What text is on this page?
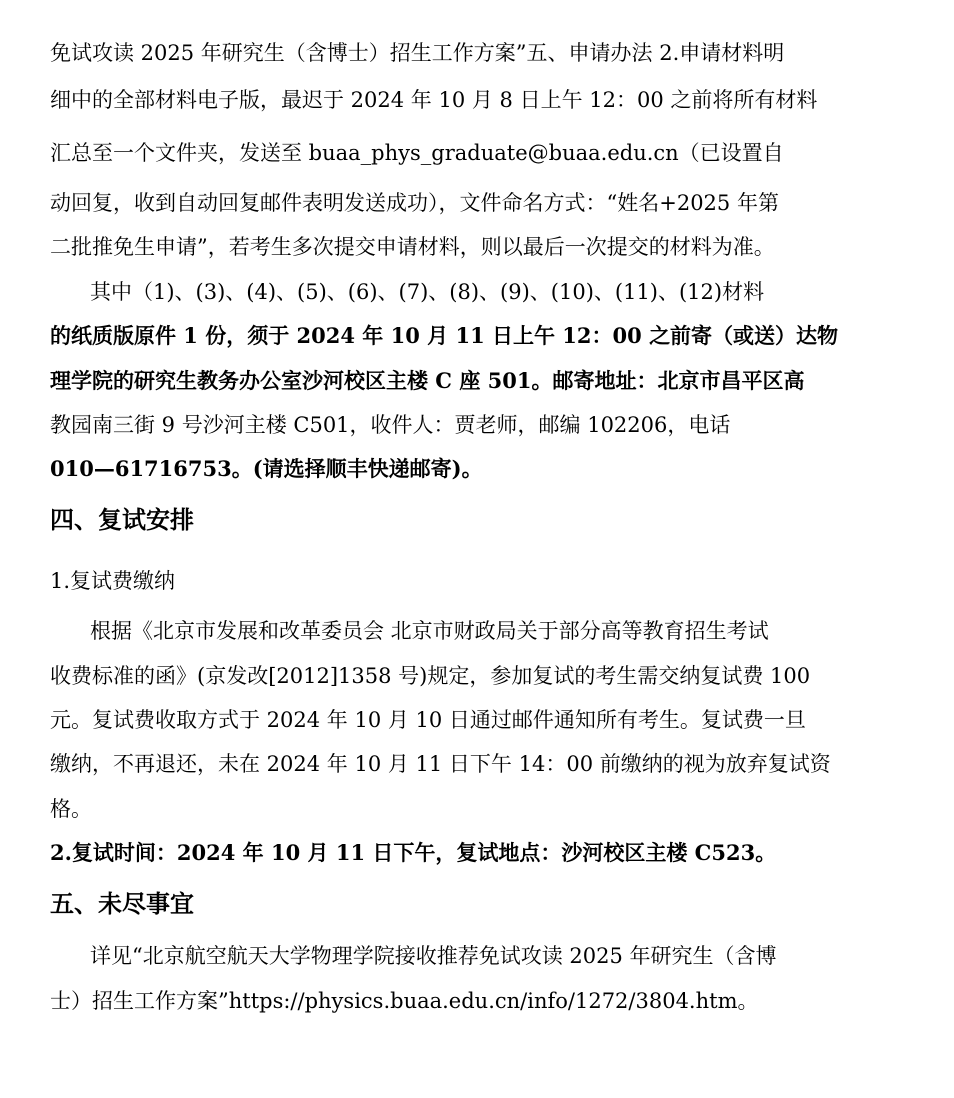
免试攻读 2025 年研究生（含博士）招生工作方案”五、申请办法 2.申请材料明
细中的全部材料电子版，最迟于 2024 年 10 月 8 日上午 12：00 之前将所有材料
汇总至一个文件夹，发送至 buaa_phys_graduate@buaa.edu.cn（已设置自
动回复，收到自动回复邮件表明发送成功），文件命名方式：“姓名+2025 年第
二批推免生申请”，若考生多次提交申请材料，则以最后一次提交的材料为准。
其中（1)、(3)、(4)、(5)、(6)、(7)、(8)、(9)、(10)、(11)、(12)材料
的纸质版原件 1 份，须于 2024 年 10 月 11 日上午 12：00 之前寄（或送）达物
理学院的研究生教务办公室沙河校区主楼 C 座 501。邮寄地址：北京市昌平区高
教园南三街 9 号沙河主楼 C501，收件人：贾老师，邮编 102206，电话
010—61716753。(请选择顺丰快递邮寄)。
四、复试安排
1.复试费缴纳
根据《北京市发展和改革委员会 北京市财政局关于部分高等教育招生考试
收费标准的函》(京发改[2012]1358 号)规定，参加复试的考生需交纳复试费 100
元。复试费收取方式于 2024 年 10 月 10 日通过邮件通知所有考生。复试费一旦
缴纳，不再退还，未在 2024 年 10 月 11 日下午 14：00 前缴纳的视为放弃复试资
格。
2.复试时间：2024 年 10 月 11 日下午，复试地点：沙河校区主楼 C523。
五、未尽事宜
详见“北京航空航天大学物理学院接收推荐免试攻读 2025 年研究生（含博
士）招生工作方案”https://physics.buaa.edu.cn/info/1272/3804.htm。
